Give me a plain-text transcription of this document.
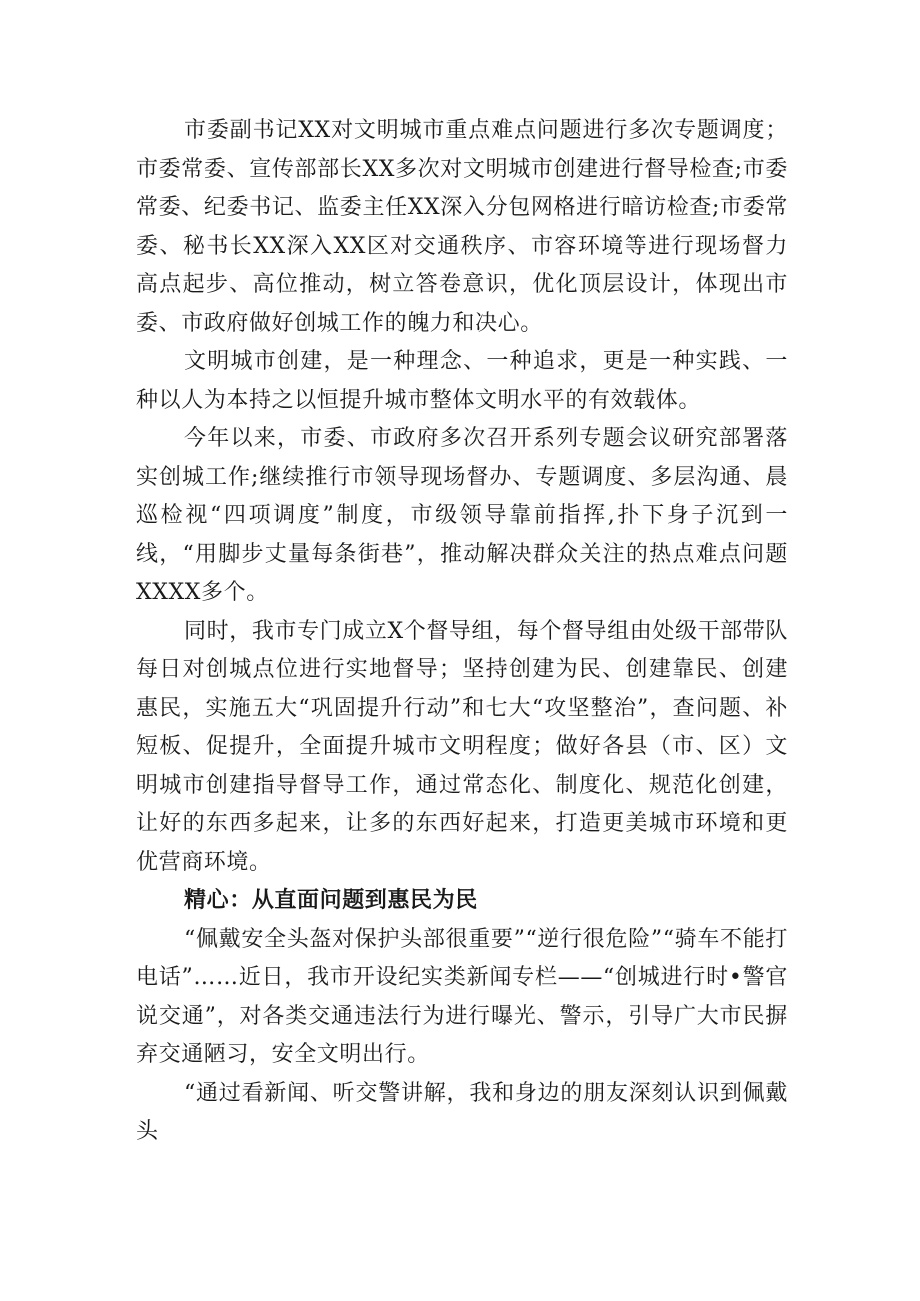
市委副书记XX对文明城市重点难点问题进行多次专题调度；市委常委、宣传部部长XX多次对文明城市创建进行督导检查;市委常委、纪委书记、监委主任XX深入分包网格进行暗访检查;市委常委、秘书长XX深入XX区对交通秩序、市容环境等进行现场督力高点起步、高位推动，树立答卷意识，优化顶层设计，体现出市委、市政府做好创城工作的魄力和决心。

文明城市创建，是一种理念、一种追求，更是一种实践、一种以人为本持之以恒提升城市整体文明水平的有效载体。

今年以来，市委、市政府多次召开系列专题会议研究部署落实创城工作;继续推行市领导现场督办、专题调度、多层沟通、晨巡检视“四项调度”制度，市级领导靠前指挥,扑下身子沉到一线，“用脚步丈量每条街巷”，推动解决群众关注的热点难点问题XXXX多个。

同时，我市专门成立X个督导组，每个督导组由处级干部带队每日对创城点位进行实地督导；坚持创建为民、创建靠民、创建惠民，实施五大“巩固提升行动”和七大“攻坚整治”，查问题、补短板、促提升，全面提升城市文明程度；做好各县（市、区）文明城市创建指导督导工作，通过常态化、制度化、规范化创建，让好的东西多起来，让多的东西好起来，打造更美城市环境和更优营商环境。

精心：从直面问题到惠民为民

“佩戴安全头盔对保护头部很重要”“逆行很危险”“骑车不能打电话”……近日，我市开设纪实类新闻专栏——“创城进行时•警官说交通”，对各类交通违法行为进行曝光、警示，引导广大市民摒弃交通陋习，安全文明出行。

“通过看新闻、听交警讲解，我和身边的朋友深刻认识到佩戴头
